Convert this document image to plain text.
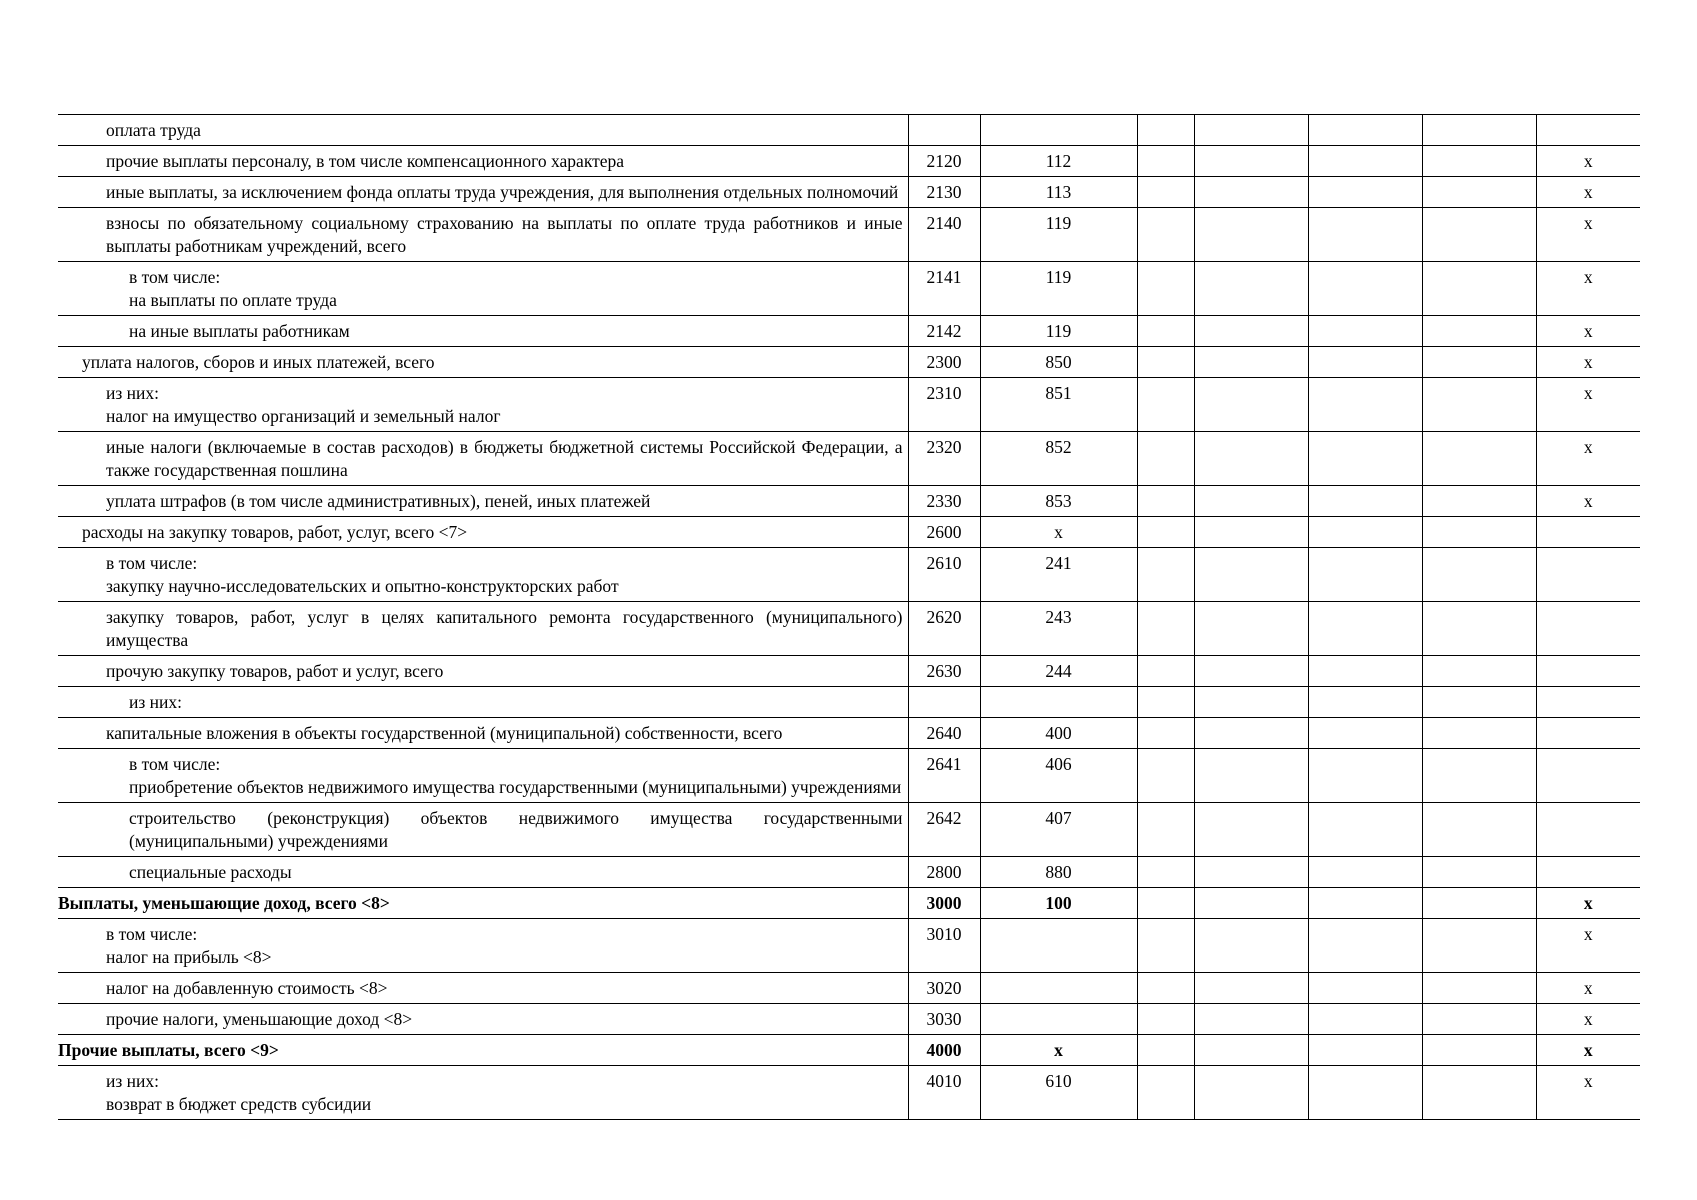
оплата труда							

прочие выплаты персоналу, в том числе компенсационного характера	2120	112					x

иные выплаты, за исключением фонда оплаты труда учреждения, для выполнения отдельных полномочий	2130	113					x

взносы по обязательному социальному страхованию на выплаты по оплате труда работников и иные выплаты работникам учреждений, всего	2140	119					x

в том числе:
на выплаты по оплате труда	2141	119					x

на иные выплаты работникам	2142	119					x

уплата налогов, сборов и иных платежей, всего	2300	850					x

из них:
налог на имущество организаций и земельный налог	2310	851					x

иные налоги (включаемые в состав расходов) в бюджеты бюджетной системы Российской Федерации, а также государственная пошлина	2320	852					x

уплата штрафов (в том числе административных), пеней, иных платежей	2330	853					x

расходы на закупку товаров, работ, услуг, всего <7>	2600	x					

в том числе:
закупку научно-исследовательских и опытно-конструкторских работ	2610	241					

закупку товаров, работ, услуг в целях капитального ремонта государственного (муниципального) имущества	2620	243					

прочую закупку товаров, работ и услуг, всего	2630	244					

из них:							

капитальные вложения в объекты государственной (муниципальной) собственности, всего	2640	400					

в том числе:
приобретение объектов недвижимого имущества государственными (муниципальными) учреждениями	2641	406					

строительство (реконструкция) объектов недвижимого имущества государственными (муниципальными) учреждениями	2642	407					

специальные расходы	2800	880					

Выплаты, уменьшающие доход, всего <8>	3000	100					x

в том числе:
налог на прибыль <8>	3010						x

налог на добавленную стоимость <8>	3020						x

прочие налоги, уменьшающие доход <8>	3030						x

Прочие выплаты, всего <9>	4000	x					x

из них:
возврат в бюджет средств субсидии	4010	610					x
